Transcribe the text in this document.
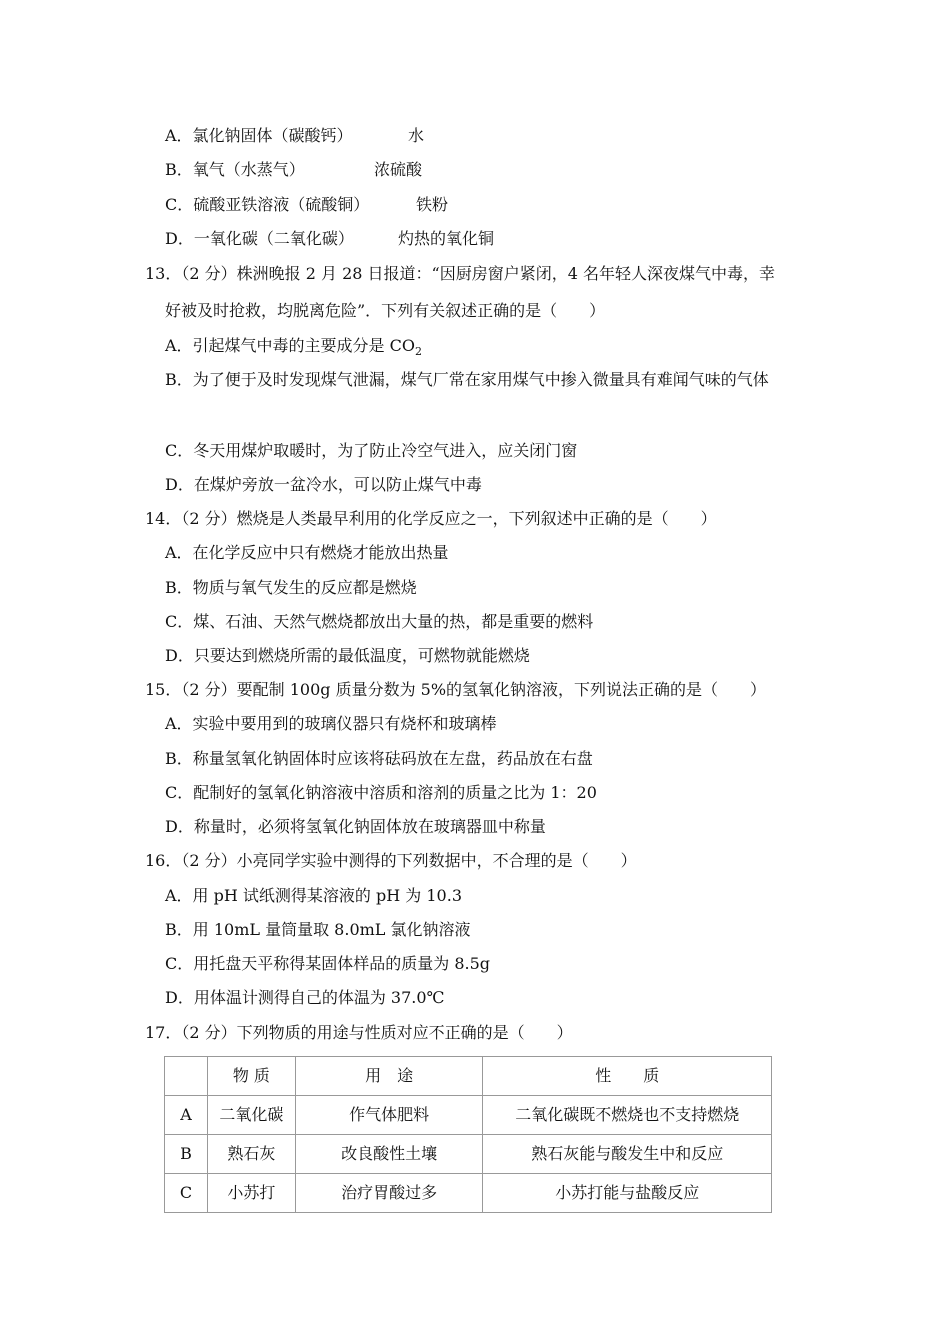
A．氯化钠固体（碳酸钙）	水
B．氧气（水蒸气）	浓硫酸
C．硫酸亚铁溶液（硫酸铜）	铁粉
D．一氧化碳（二氧化碳）	灼热的氧化铜
13．（2 分）株洲晚报 2 月 28 日报道：“因厨房窗户紧闭，4 名年轻人深夜煤气中毒，幸
好被及时抢救，均脱离危险”．下列有关叙述正确的是（　　）
A．引起煤气中毒的主要成分是 $CO_2$
B．为了便于及时发现煤气泄漏，煤气厂常在家用煤气中掺入微量具有难闻气味的气体
C．冬天用煤炉取暖时，为了防止冷空气进入，应关闭门窗
D．在煤炉旁放一盆冷水，可以防止煤气中毒
14．（2 分）燃烧是人类最早利用的化学反应之一，下列叙述中正确的是（　　）
A．在化学反应中只有燃烧才能放出热量
B．物质与氧气发生的反应都是燃烧
C．煤、石油、天然气燃烧都放出大量的热，都是重要的燃料
D．只要达到燃烧所需的最低温度，可燃物就能燃烧
15．（2 分）要配制 100g 质量分数为 5%的氢氧化钠溶液，下列说法正确的是（　　）
A．实验中要用到的玻璃仪器只有烧杯和玻璃棒
B．称量氢氧化钠固体时应该将砝码放在左盘，药品放在右盘
C．配制好的氢氧化钠溶液中溶质和溶剂的质量之比为 1：20
D．称量时，必须将氢氧化钠固体放在玻璃器皿中称量
16．（2 分）小亮同学实验中测得的下列数据中，不合理的是（　　）
A．用 pH 试纸测得某溶液的 pH 为 10.3
B．用 10mL 量筒量取 8.0mL 氯化钠溶液
C．用托盘天平称得某固体样品的质量为 8.5g
D．用体温计测得自己的体温为 37.0℃
17．（2 分）下列物质的用途与性质对应不正确的是（　　）
	物 质	用　途	性　　质
A	二氧化碳	作气体肥料	二氧化碳既不燃烧也不支持燃烧
B	熟石灰	改良酸性土壤	熟石灰能与酸发生中和反应
C	小苏打	治疗胃酸过多	小苏打能与盐酸反应
